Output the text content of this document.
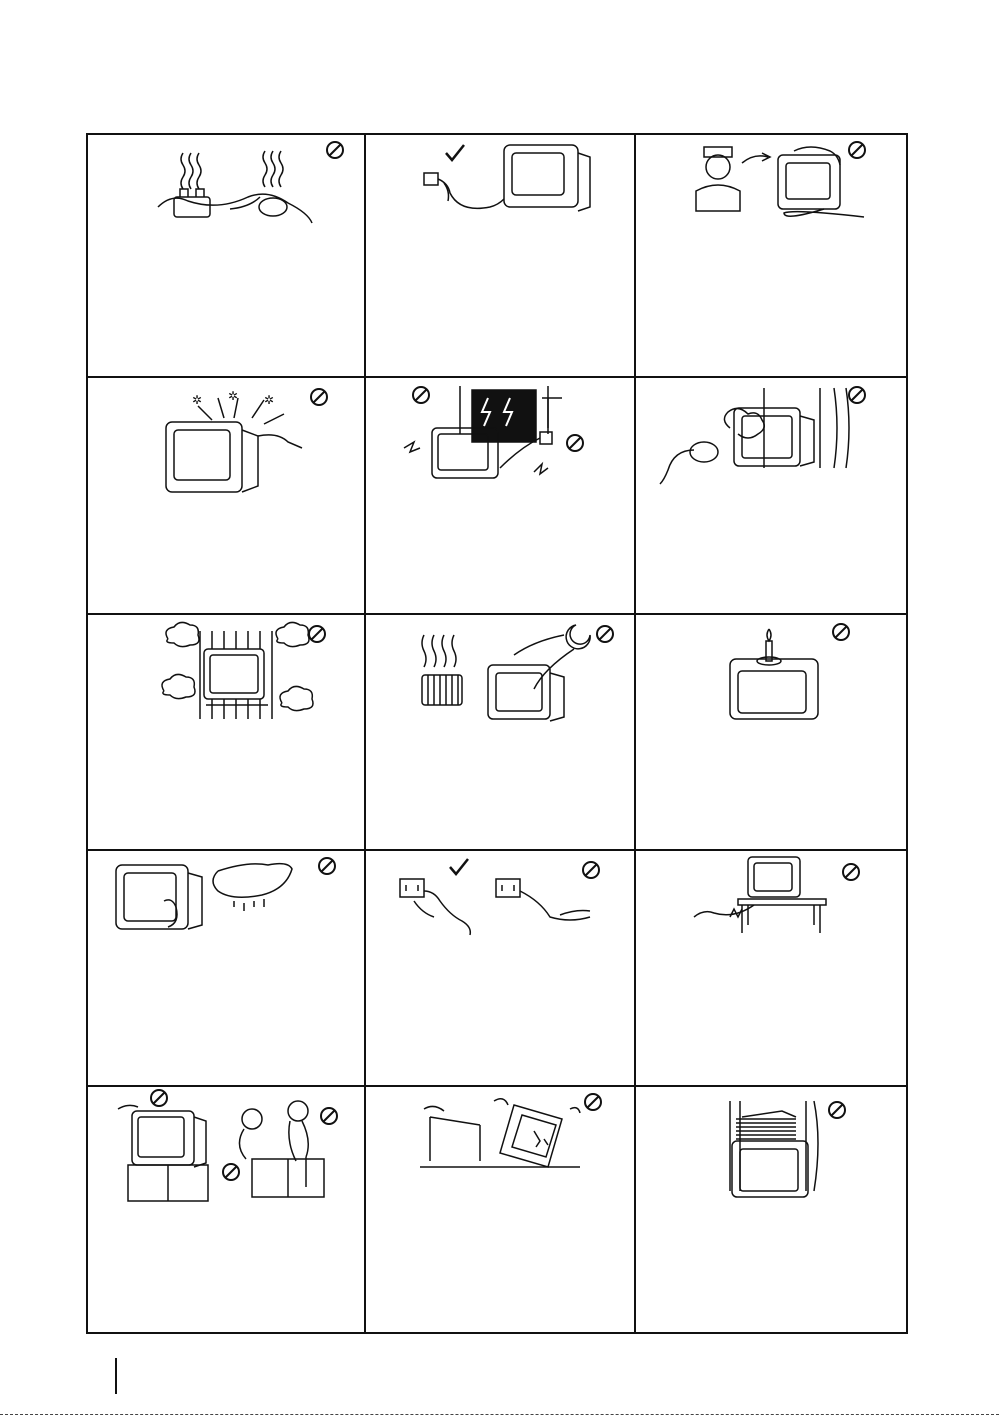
✲ ✲ ✲
